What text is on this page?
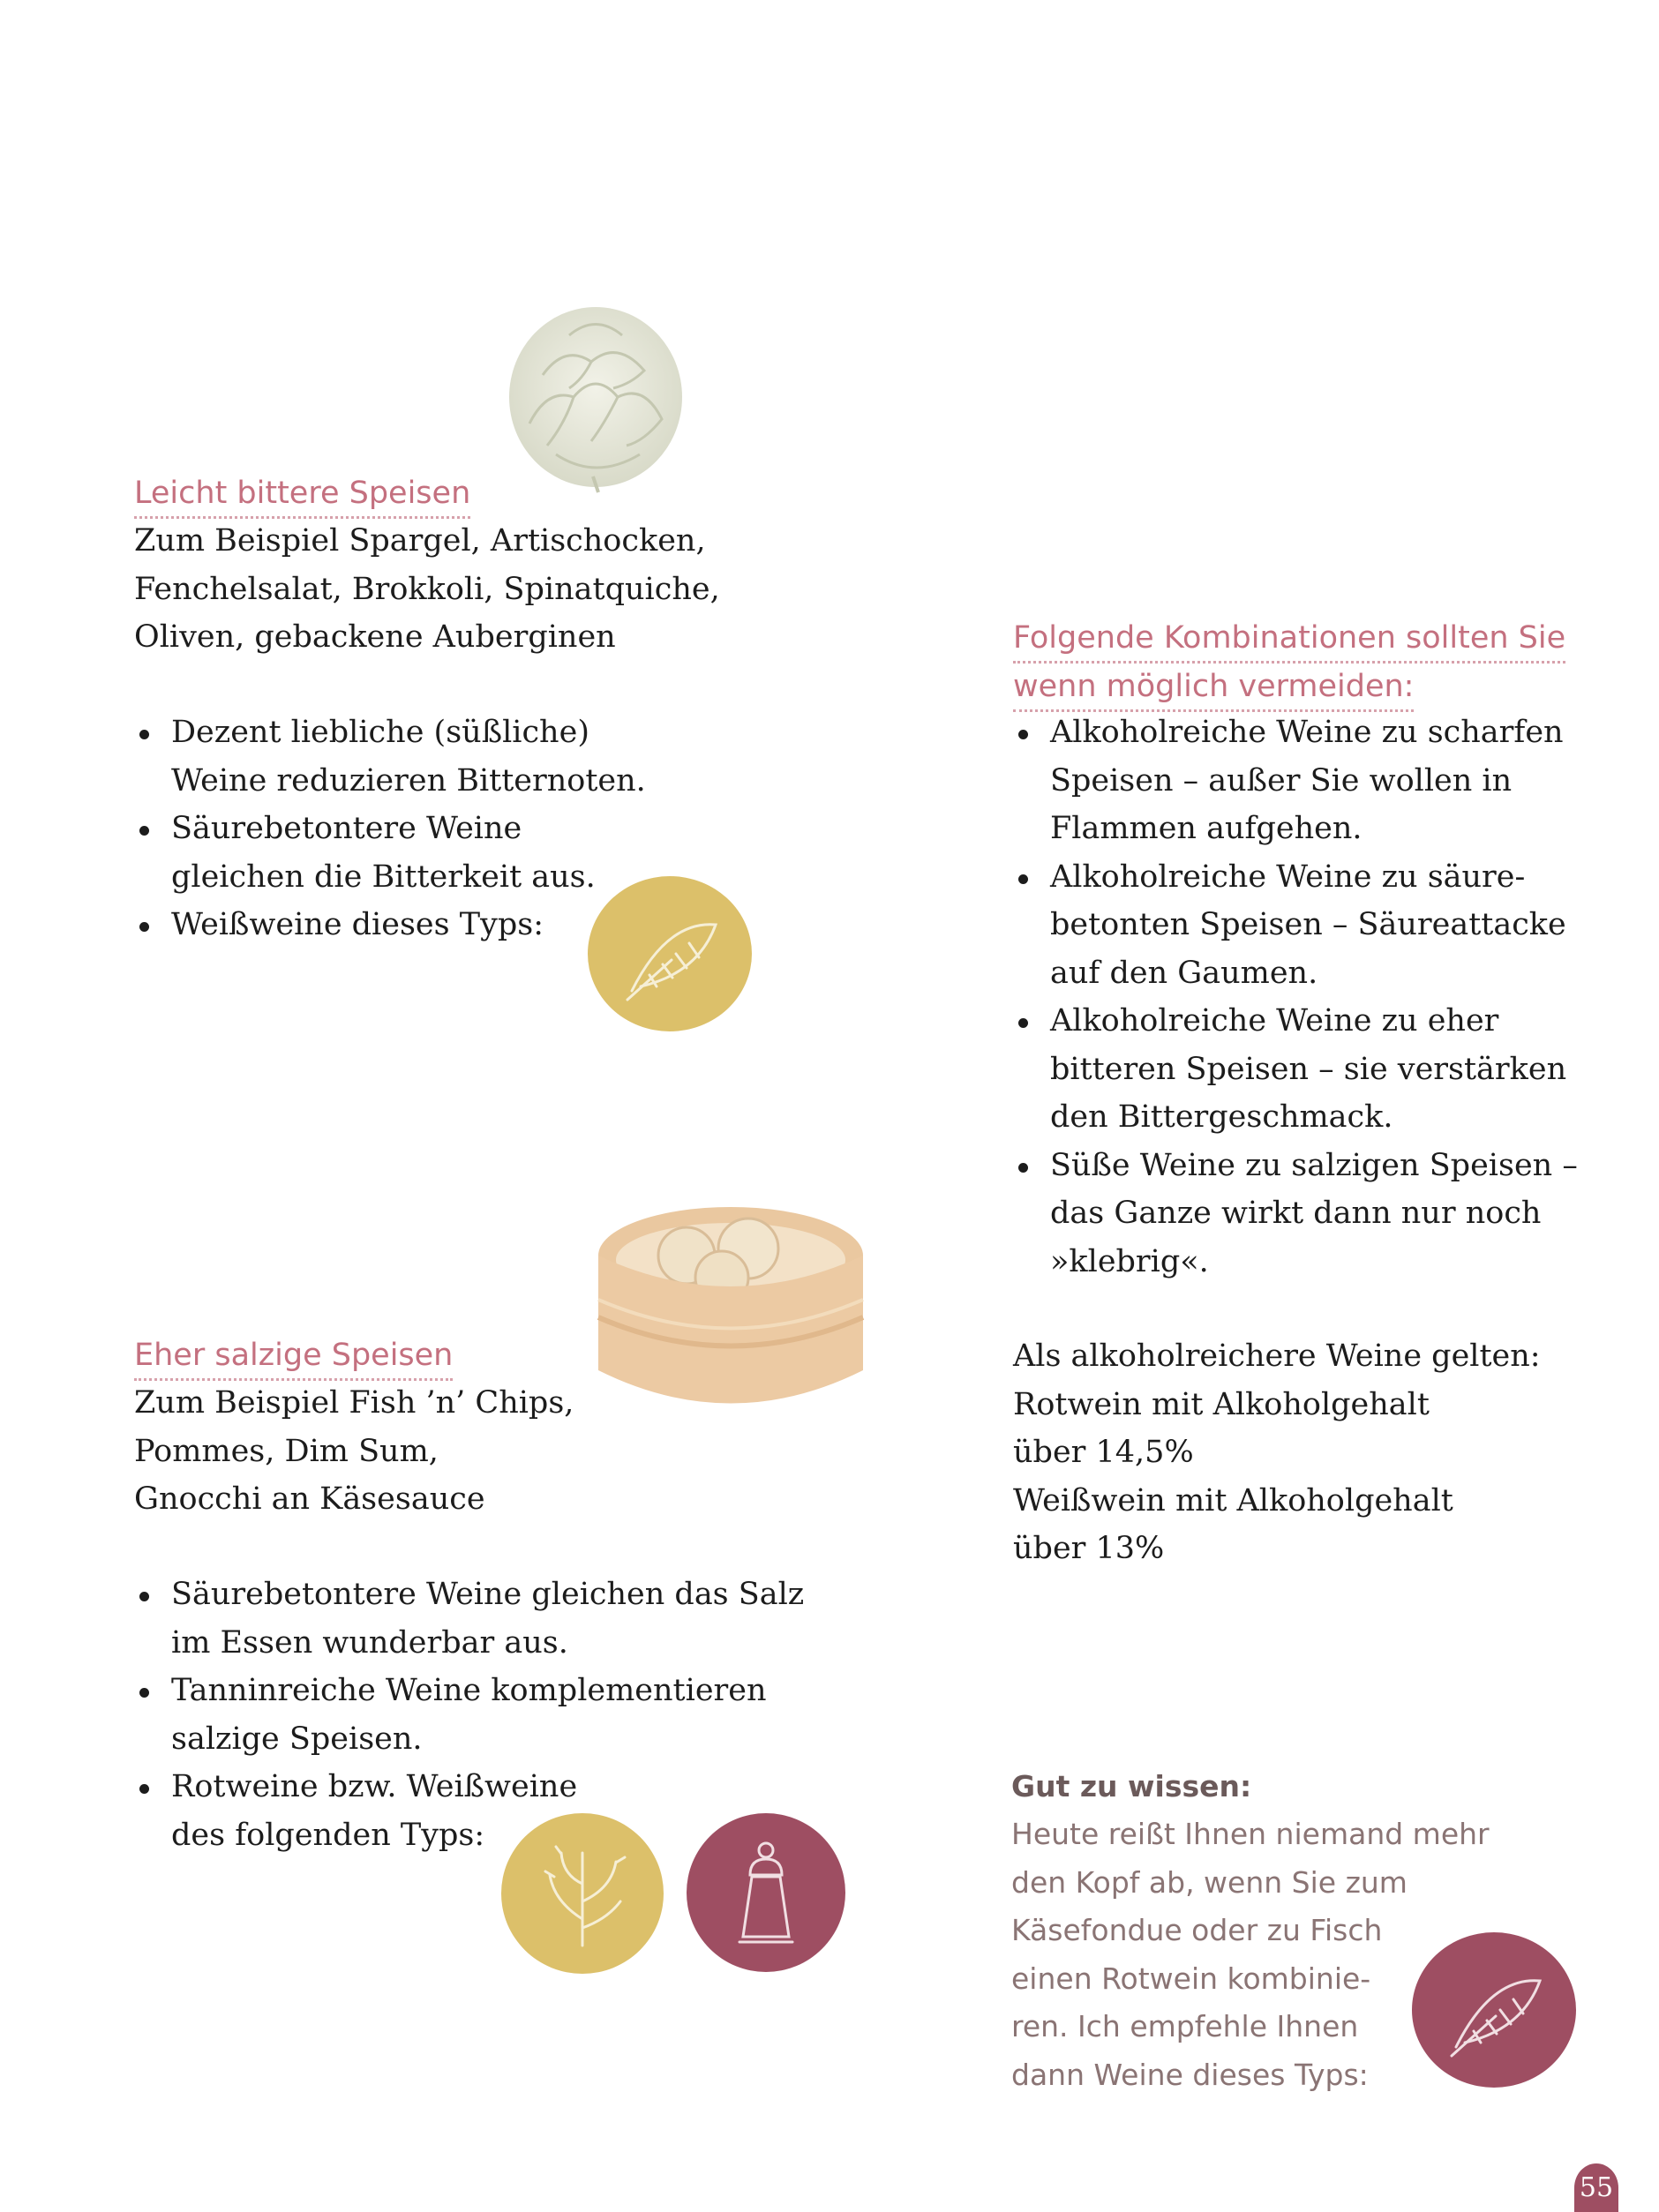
Leicht bittere Speisen
Zum Beispiel Spargel, Artischocken,
Fenchelsalat, Brokkoli, Spinatquiche,
Oliven, gebackene Auberginen
Dezent liebliche (süßliche)
Weine reduzieren Bitternoten.
Säurebetontere Weine
gleichen die Bitterkeit aus.
Weißweine dieses Typs:
Eher salzige Speisen
Zum Beispiel Fish ’n’ Chips,
Pommes, Dim Sum,
Gnocchi an Käsesauce
Säurebetontere Weine gleichen das Salz
im Essen wunderbar aus.
Tanninreiche Weine komplementieren
salzige Speisen.
Rotweine bzw. Weißweine
des folgenden Typs:
Folgende Kombinationen sollten Sie
wenn möglich vermeiden:
Alkoholreiche Weine zu scharfen
Speisen – außer Sie wollen in
Flammen aufgehen.
Alkoholreiche Weine zu säure-
betonten Speisen – Säureattacke
auf den Gaumen.
Alkoholreiche Weine zu eher
bitteren Speisen – sie verstärken
den Bittergeschmack.
Süße Weine zu salzigen Speisen –
das Ganze wirkt dann nur noch
»klebrig«.
Als alkoholreichere Weine gelten:
Rotwein mit Alkoholgehalt
über 14,5%
Weißwein mit Alkoholgehalt
über 13%
Gut zu wissen:
Heute reißt Ihnen niemand mehr
den Kopf ab, wenn Sie zum
Käsefondue oder zu Fisch
einen Rotwein kombinie-
ren. Ich empfehle Ihnen
dann Weine dieses Typs:
55
